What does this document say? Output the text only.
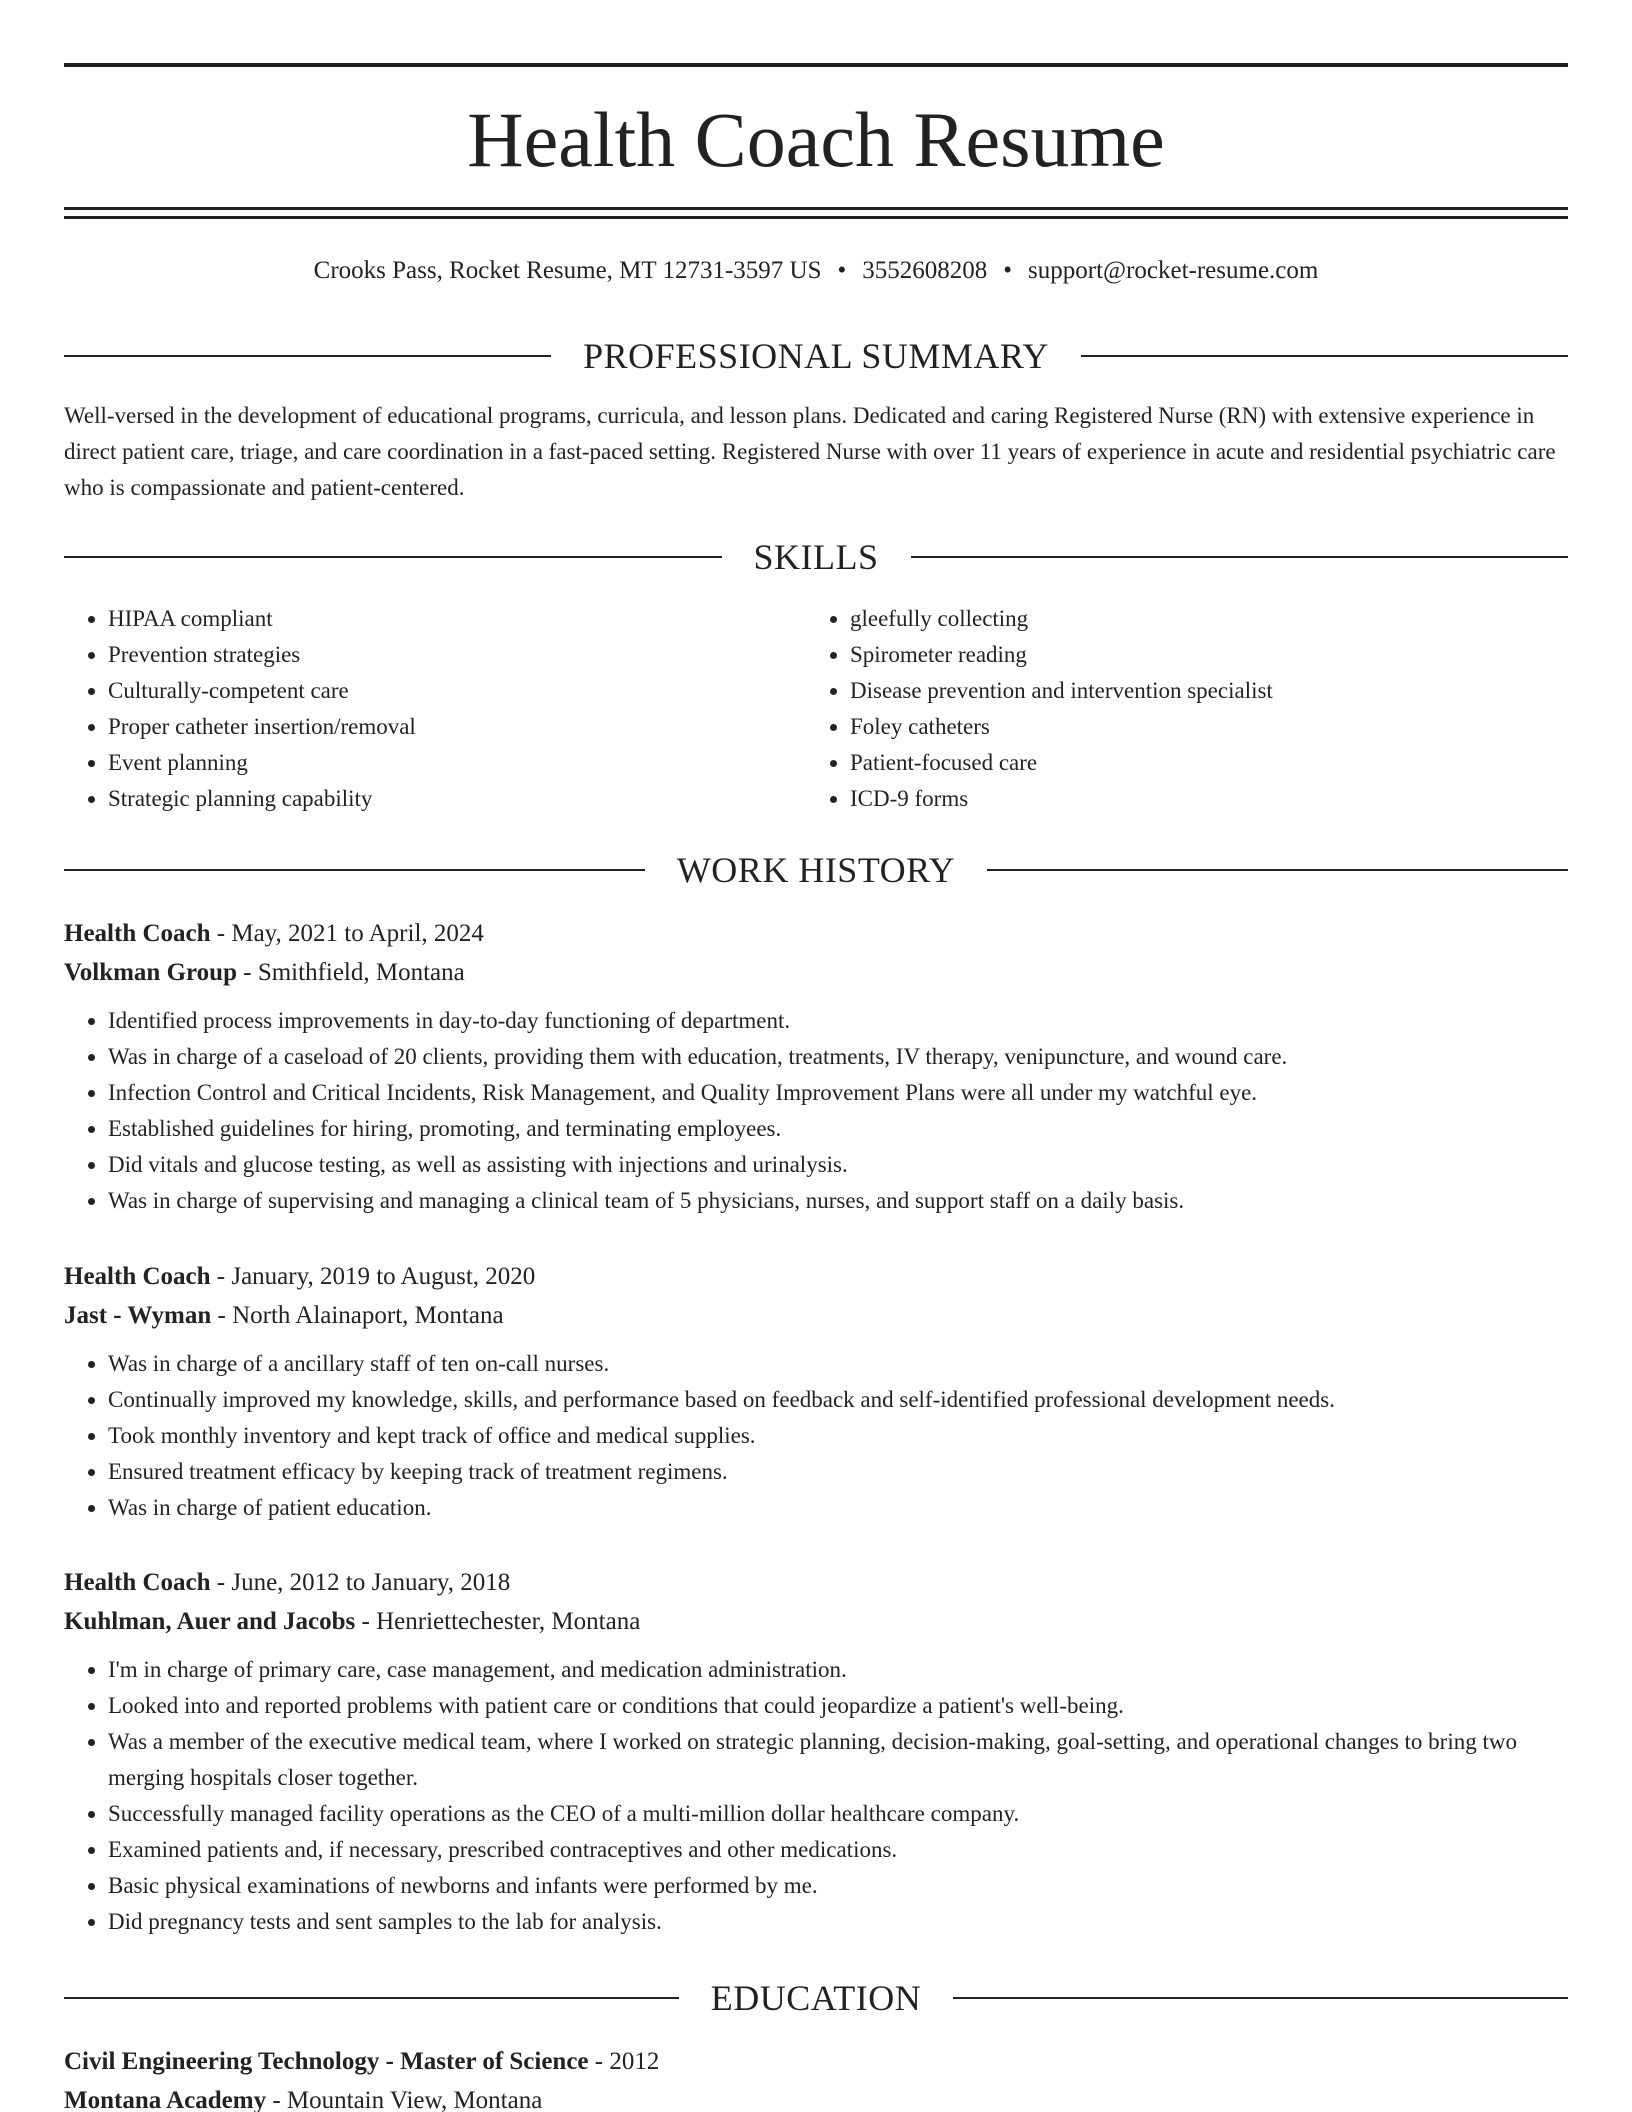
Health Coach Resume
Crooks Pass, Rocket Resume, MT 12731-3597 US • 3552608208 • support@rocket-resume.com
PROFESSIONAL SUMMARY

Well-versed in the development of educational programs, curricula, and lesson plans. Dedicated and caring Registered Nurse (RN) with extensive experience in direct patient care, triage, and care coordination in a fast-paced setting. Registered Nurse with over 11 years of experience in acute and residential psychiatric care who is compassionate and patient-centered.

SKILLS
• HIPAA compliant
• Prevention strategies
• Culturally-competent care
• Proper catheter insertion/removal
• Event planning
• Strategic planning capability
• gleefully collecting
• Spirometer reading
• Disease prevention and intervention specialist
• Foley catheters
• Patient-focused care
• ICD-9 forms
WORK HISTORY

Health Coach - May, 2021 to April, 2024

Volkman Group - Smithfield, Montana

• Identified process improvements in day-to-day functioning of department.
• Was in charge of a caseload of 20 clients, providing them with education, treatments, IV therapy, venipuncture, and wound care.
• Infection Control and Critical Incidents, Risk Management, and Quality Improvement Plans were all under my watchful eye.
• Established guidelines for hiring, promoting, and terminating employees.
• Did vitals and glucose testing, as well as assisting with injections and urinalysis.
• Was in charge of supervising and managing a clinical team of 5 physicians, nurses, and support staff on a daily basis.

Health Coach - January, 2019 to August, 2020

Jast - Wyman - North Alainaport, Montana

• Was in charge of a ancillary staff of ten on-call nurses.
• Continually improved my knowledge, skills, and performance based on feedback and self-identified professional development needs.
• Took monthly inventory and kept track of office and medical supplies.
• Ensured treatment efficacy by keeping track of treatment regimens.
• Was in charge of patient education.

Health Coach - June, 2012 to January, 2018

Kuhlman, Auer and Jacobs - Henriettechester, Montana

• I'm in charge of primary care, case management, and medication administration.
• Looked into and reported problems with patient care or conditions that could jeopardize a patient's well-being.
• Was a member of the executive medical team, where I worked on strategic planning, decision-making, goal-setting, and operational changes to bring two merging hospitals closer together.
• Successfully managed facility operations as the CEO of a multi-million dollar healthcare company.
• Examined patients and, if necessary, prescribed contraceptives and other medications.
• Basic physical examinations of newborns and infants were performed by me.
• Did pregnancy tests and sent samples to the lab for analysis.
EDUCATION

Civil Engineering Technology - Master of Science - 2012

Montana Academy - Mountain View, Montana
